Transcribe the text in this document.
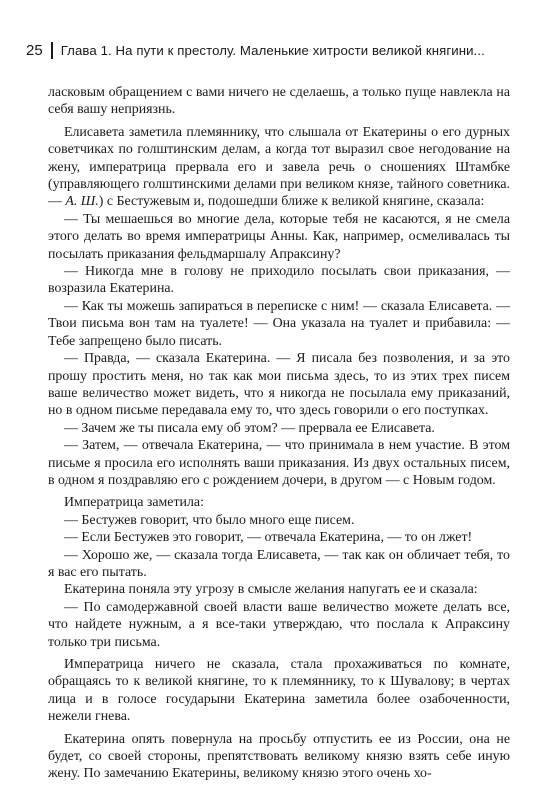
25 Глава 1. На пути к престолу. Маленькие хитрости великой княгини...

ласковым обращением с вами ничего не сделаешь, а только пуще навлекла на себя вашу неприязнь.

Елисавета заметила племяннику, что слышала от Екатерины о его дурных советчиках по голштинским делам, а когда тот выразил свое негодование на жену, императрица прервала его и завела речь о сношениях Штамбке (управляющего голштинскими делами при великом князе, тайного советника. — А. Ш.) с Бестужевым и, подошедши ближе к великой княгине, сказала:

— Ты мешаешься во многие дела, которые тебя не касаются, я не смела этого делать во время императрицы Анны. Как, например, осмеливалась ты посылать приказания фельдмаршалу Апраксину?

— Никогда мне в голову не приходило посылать свои приказания, — возразила Екатерина.

— Как ты можешь запираться в переписке с ним! — сказала Елисавета. — Твои письма вон там на туалете! — Она указала на туалет и прибавила: — Тебе запрещено было писать.

— Правда, — сказала Екатерина. — Я писала без позволения, и за это прошу простить меня, но так как мои письма здесь, то из этих трех писем ваше величество может видеть, что я никогда не посылала ему приказаний, но в одном письме передавала ему то, что здесь говорили о его поступках.

— Зачем же ты писала ему об этом? — прервала ее Елисавета.

— Затем, — отвечала Екатерина, — что принимала в нем участие. В этом письме я просила его исполнять ваши приказания. Из двух остальных писем, в одном я поздравляю его с рождением дочери, в другом — с Новым годом.

Императрица заметила:

— Бестужев говорит, что было много еще писем.

— Если Бестужев это говорит, — отвечала Екатерина, — то он лжет!

— Хорошо же, — сказала тогда Елисавета, — так как он обличает тебя, то я вас его пытать.

Екатерина поняла эту угрозу в смысле желания напугать ее и сказала:

— По самодержавной своей власти ваше величество можете делать все, что найдете нужным, а я все-таки утверждаю, что послала к Апраксину только три письма.

Императрица ничего не сказала, стала прохаживаться по комнате, обращаясь то к великой княгине, то к племяннику, то к Шувалову; в чертах лица и в голосе государыни Екатерина заметила более озабоченности, нежели гнева.

Екатерина опять повернула на просьбу отпустить ее из России, она не будет, со своей стороны, препятствовать великому князю взять себе иную жену. По замечанию Екатерины, великому князю этого очень хо-
